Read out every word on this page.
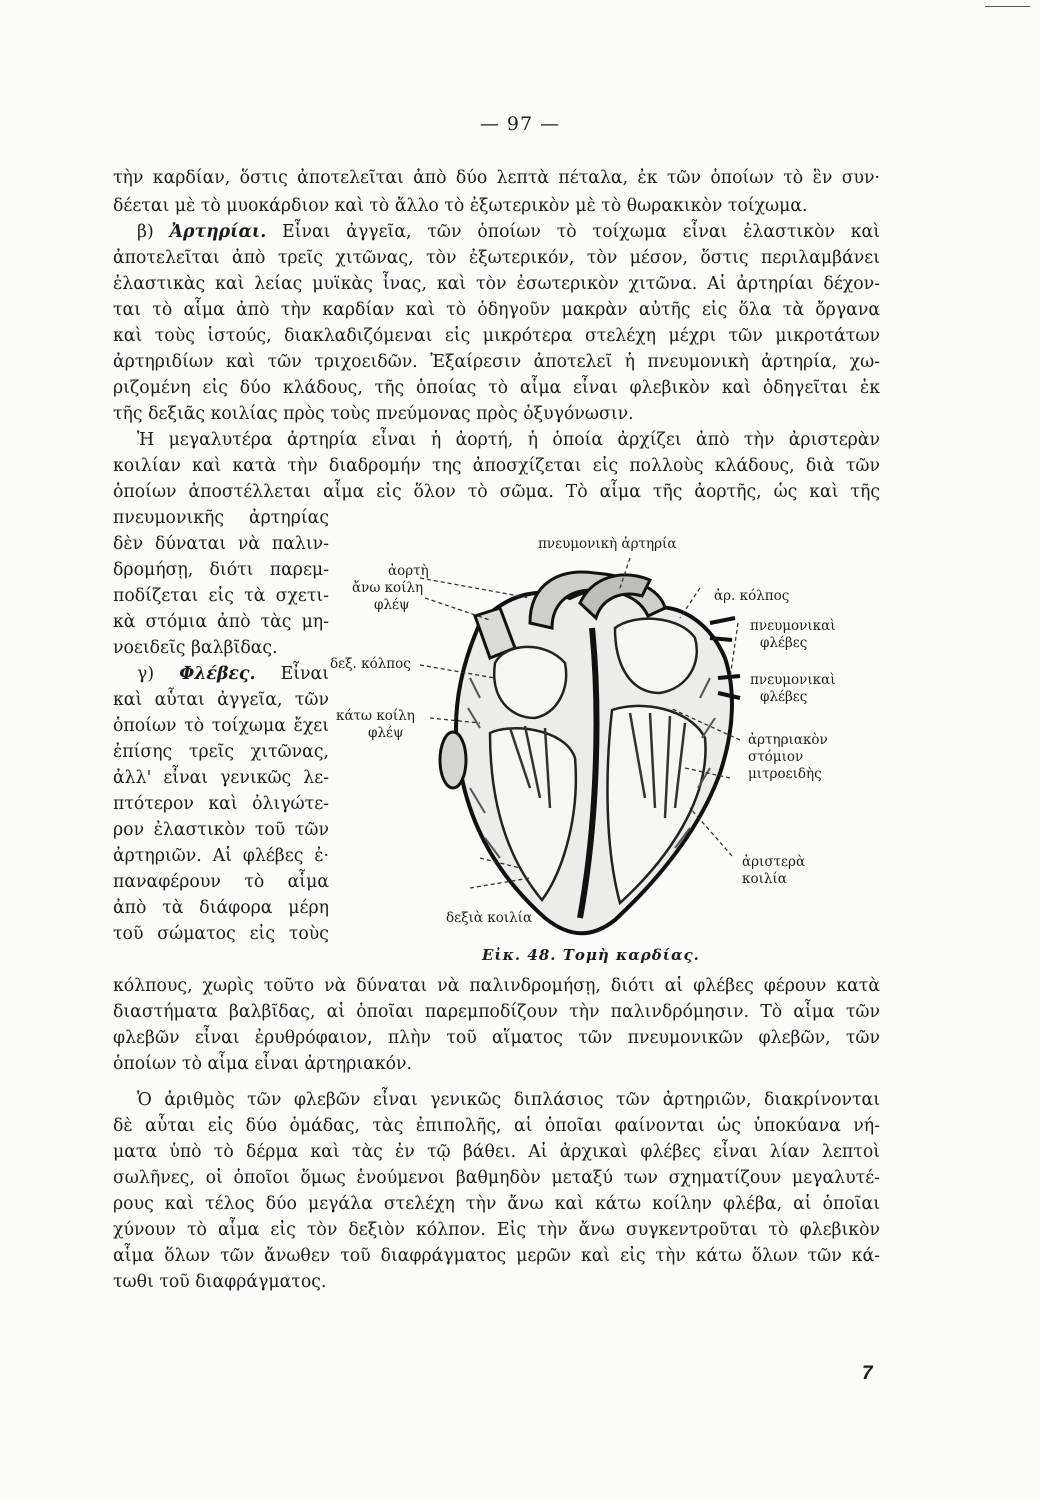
— 97 —
τὴν καρδίαν, ὅστις ἀποτελεῖται ἀπὸ δύο λεπτὰ πέταλα, ἐκ τῶν ὁποίων τὸ ἓν συν·
δέεται μὲ τὸ μυοκάρδιον καὶ τὸ ἄλλο τὸ ἐξωτερικὸν μὲ τὸ θωρακικὸν τοίχωμα.
β) Ἀρτηρίαι. Εἶναι ἀγγεῖα, τῶν ὁποίων τὸ τοίχωμα εἶναι ἐλαστικὸν καὶ
ἀποτελεῖται ἀπὸ τρεῖς χιτῶνας, τὸν ἐξωτερικόν, τὸν μέσον, ὅστις περιλαμβάνει
ἐλαστικὰς καὶ λείας μυϊκὰς ἶνας, καὶ τὸν ἐσωτερικὸν χιτῶνα. Αἱ ἀρτηρίαι δέχον-
ται τὸ αἷμα ἀπὸ τὴν καρδίαν καὶ τὸ ὁδηγοῦν μακρὰν αὐτῆς εἰς ὅλα τὰ ὄργανα
καὶ τοὺς ἱστούς, διακλαδιζόμεναι εἰς μικρότερα στελέχη μέχρι τῶν μικροτάτων
ἀρτηριδίων καὶ τῶν τριχοειδῶν. Ἐξαίρεσιν ἀποτελεῖ ἡ πνευμονικὴ ἀρτηρία, χω-
ριζομένη εἰς δύο κλάδους, τῆς ὁποίας τὸ αἷμα εἶναι φλεβικὸν καὶ ὁδηγεῖται ἐκ
τῆς δεξιᾶς κοιλίας πρὸς τοὺς πνεύμονας πρὸς ὀξυγόνωσιν.
Ἡ μεγαλυτέρα ἀρτηρία εἶναι ἡ ἀορτή, ἡ ὁποία ἀρχίζει ἀπὸ τὴν ἀριστερὰν
κοιλίαν καὶ κατὰ τὴν διαδρομήν της ἀποσχίζεται εἰς πολλοὺς κλάδους, διὰ τῶν
ὁποίων ἀποστέλλεται αἷμα εἰς ὅλον τὸ σῶμα. Τὸ αἷμα τῆς ἀορτῆς, ὡς καὶ τῆς
πνευμονικῆς ἀρτηρίας
δὲν δύναται νὰ παλιν-
δρομήσῃ, διότι παρεμ-
ποδίζεται εἰς τὰ σχετι-
κὰ στόμια ἀπὸ τὰς μη-
νοειδεῖς βαλβῖδας.
γ) Φλέβες. Εἶναι
καὶ αὗται ἀγγεῖα, τῶν
ὁποίων τὸ τοίχωμα ἔχει
ἐπίσης τρεῖς χιτῶνας,
ἀλλ' εἶναι γενικῶς λε-
πτότερον καὶ ὀλιγώτε-
ρον ἐλαστικὸν τοῦ τῶν
ἀρτηριῶν. Αἱ φλέβες ἐ·
παναφέρουν τὸ αἷμα
ἀπὸ τὰ διάφορα μέρη
τοῦ σώματος εἰς τοὺς
κόλπους, χωρὶς τοῦτο νὰ δύναται νὰ παλινδρομήσῃ, διότι αἱ φλέβες φέρουν κατὰ
διαστήματα βαλβῖδας, αἱ ὁποῖαι παρεμποδίζουν τὴν παλινδρόμησιν. Τὸ αἷμα τῶν
φλεβῶν εἶναι ἐρυθρόφαιον, πλὴν τοῦ αἵματος τῶν πνευμονικῶν φλεβῶν, τῶν
ὁποίων τὸ αἷμα εἶναι ἀρτηριακόν.
Ὁ ἀριθμὸς τῶν φλεβῶν εἶναι γενικῶς διπλάσιος τῶν ἀρτηριῶν, διακρίνονται
δὲ αὗται εἰς δύο ὁμάδας, τὰς ἐπιπολῆς, αἱ ὁποῖαι φαίνονται ὡς ὑποκύανα νή-
ματα ὑπὸ τὸ δέρμα καὶ τὰς ἐν τῷ βάθει. Αἱ ἀρχικαὶ φλέβες εἶναι λίαν λεπτοὶ
σωλῆνες, οἱ ὁποῖοι ὅμως ἑνούμενοι βαθμηδὸν μεταξύ των σχηματίζουν μεγαλυτέ-
ρους καὶ τέλος δύο μεγάλα στελέχη τὴν ἄνω καὶ κάτω κοίλην φλέβα, αἱ ὁποῖαι
χύνουν τὸ αἷμα εἰς τὸν δεξιὸν κόλπον. Εἰς τὴν ἄνω συγκεντροῦται τὸ φλεβικὸν
αἷμα ὅλων τῶν ἄνωθεν τοῦ διαφράγματος μερῶν καὶ εἰς τὴν κάτω ὅλων τῶν κά-
τωθι τοῦ διαφράγματος.
πνευμονικὴ ἀρτηρία
ἀορτὴ
ἄνω κοίλη
φλέψ
ἀρ. κόλπος
πνευμονικαὶ
φλέβες
πνευμονικαὶ
φλέβες
δεξ. κόλπος
κάτω κοίλη
φλέψ	ἀρτηριακὸν
στόμιον
μιτροειδὴς
ἀριστερὰ
κοιλία
δεξιὰ κοιλία
Εἰκ. 48. Τομὴ καρδίας.
7
